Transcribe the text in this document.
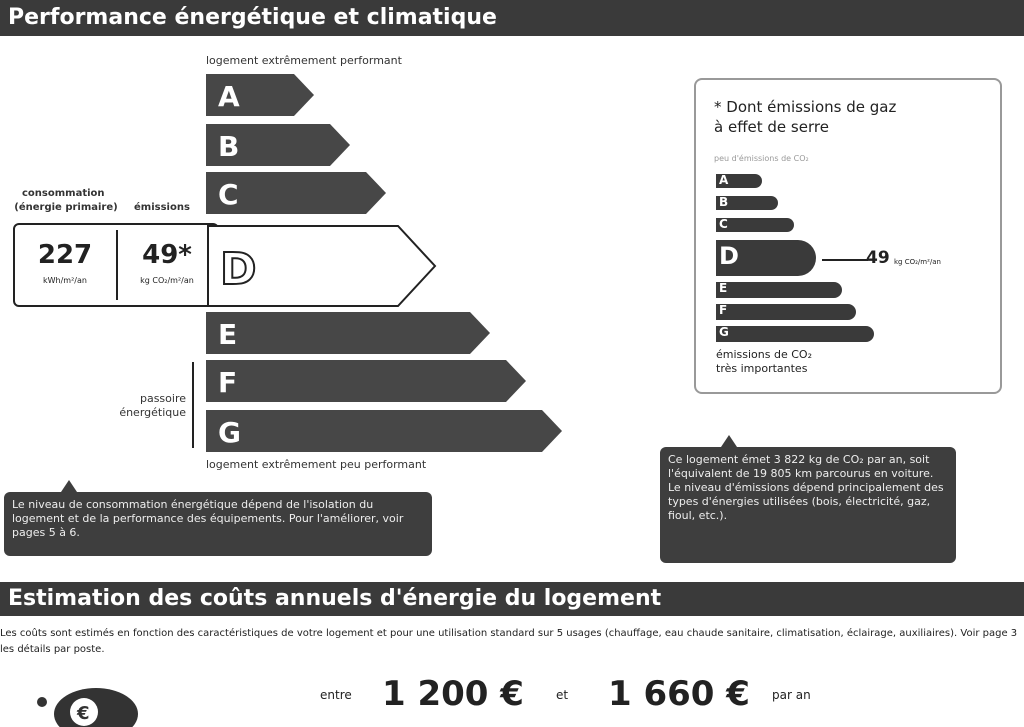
Performance énergétique et climatique
logement extrêmement performant
logement extrêmement peu performant
A
B
C
E
F
G
consommation
(énergie primaire) émissions
227
kWh/m²/an
49*
kg CO₂/m²/an D
passoire
énergétique
* Dont émissions de gaz
à effet de serre
peu d'émissions de CO₂
A
B
C
D
E
F
G
49 kg CO₂/m²/an
émissions de CO₂
très importantes
Le niveau de consommation énergétique dépend de l'isolation du logement et de la performance des équipements. Pour l'améliorer, voir pages 5 à 6.
Ce logement émet 3 822 kg de CO₂ par an, soit l'équivalent de 19 805 km parcourus en voiture. Le niveau d'émissions dépend principalement des types d'énergies utilisées (bois, électricité, gaz, fioul, etc.).
Estimation des coûts annuels d'énergie du logement
Les coûts sont estimés en fonction des caractéristiques de votre logement et pour une utilisation standard sur 5 usages (chauffage, eau chaude sanitaire, climatisation, éclairage, auxiliaires). Voir page 3 les détails par poste.
€
entre 1 200 €	et 1 660 € par an
